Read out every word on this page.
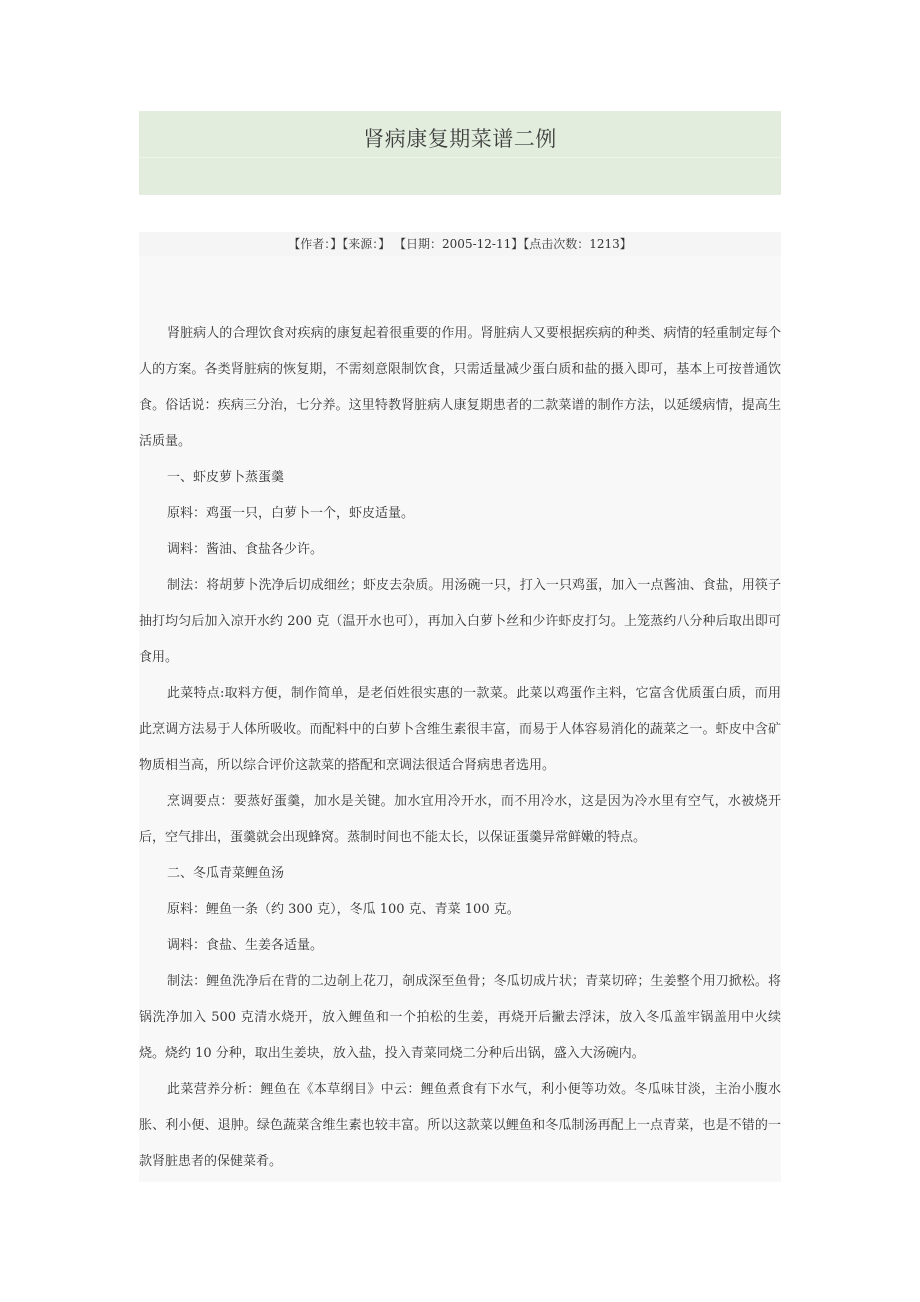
肾病康复期菜谱二例
【作者：】【来源：】 【日期：2005-12-11】【点击次数：1213】

肾脏病人的合理饮食对疾病的康复起着很重要的作用。肾脏病人又要根据疾病的种类、病情的轻重制定每个人的方案。各类肾脏病的恢复期，不需刻意限制饮食，只需适量减少蛋白质和盐的摄入即可，基本上可按普通饮食。俗话说：疾病三分治，七分养。这里特教肾脏病人康复期患者的二款菜谱的制作方法，以延缓病情，提高生活质量。

一、虾皮萝卜蒸蛋羹

原料：鸡蛋一只，白萝卜一个，虾皮适量。

调料：酱油、食盐各少许。

制法：将胡萝卜洗净后切成细丝；虾皮去杂质。用汤碗一只，打入一只鸡蛋，加入一点酱油、食盐，用筷子抽打均匀后加入凉开水约 200 克（温开水也可），再加入白萝卜丝和少许虾皮打匀。上笼蒸约八分种后取出即可食用。

此菜特点:取料方便，制作简单，是老佰姓很实惠的一款菜。此菜以鸡蛋作主料，它富含优质蛋白质，而用此烹调方法易于人体所吸收。而配料中的白萝卜含维生素很丰富，而易于人体容易消化的蔬菜之一。虾皮中含矿物质相当高，所以综合评价这款菜的搭配和烹调法很适合肾病患者选用。

烹调要点：要蒸好蛋羹，加水是关键。加水宜用冷开水，而不用冷水，这是因为冷水里有空气，水被烧开后，空气排出，蛋羹就会出现蜂窝。蒸制时间也不能太长，以保证蛋羹异常鲜嫩的特点。

二、冬瓜青菜鲤鱼汤

原料：鲤鱼一条（约 300 克），冬瓜 100 克、青菜 100 克。

调料：食盐、生姜各适量。

制法：鲤鱼洗净后在背的二边剞上花刀，剞成深至鱼骨；冬瓜切成片状；青菜切碎；生姜整个用刀掀松。将锅洗净加入 500 克清水烧开，放入鲤鱼和一个拍松的生姜，再烧开后撇去浮沫，放入冬瓜盖牢锅盖用中火续烧。烧约 10 分种，取出生姜块，放入盐，投入青菜同烧二分种后出锅，盛入大汤碗内。

此菜营养分析：鲤鱼在《本草纲目》中云：鲤鱼煮食有下水气，利小便等功效。冬瓜味甘淡，主治小腹水胀、利小便、退肿。绿色蔬菜含维生素也较丰富。所以这款菜以鲤鱼和冬瓜制汤再配上一点青菜，也是不错的一款肾脏患者的保健菜肴。
